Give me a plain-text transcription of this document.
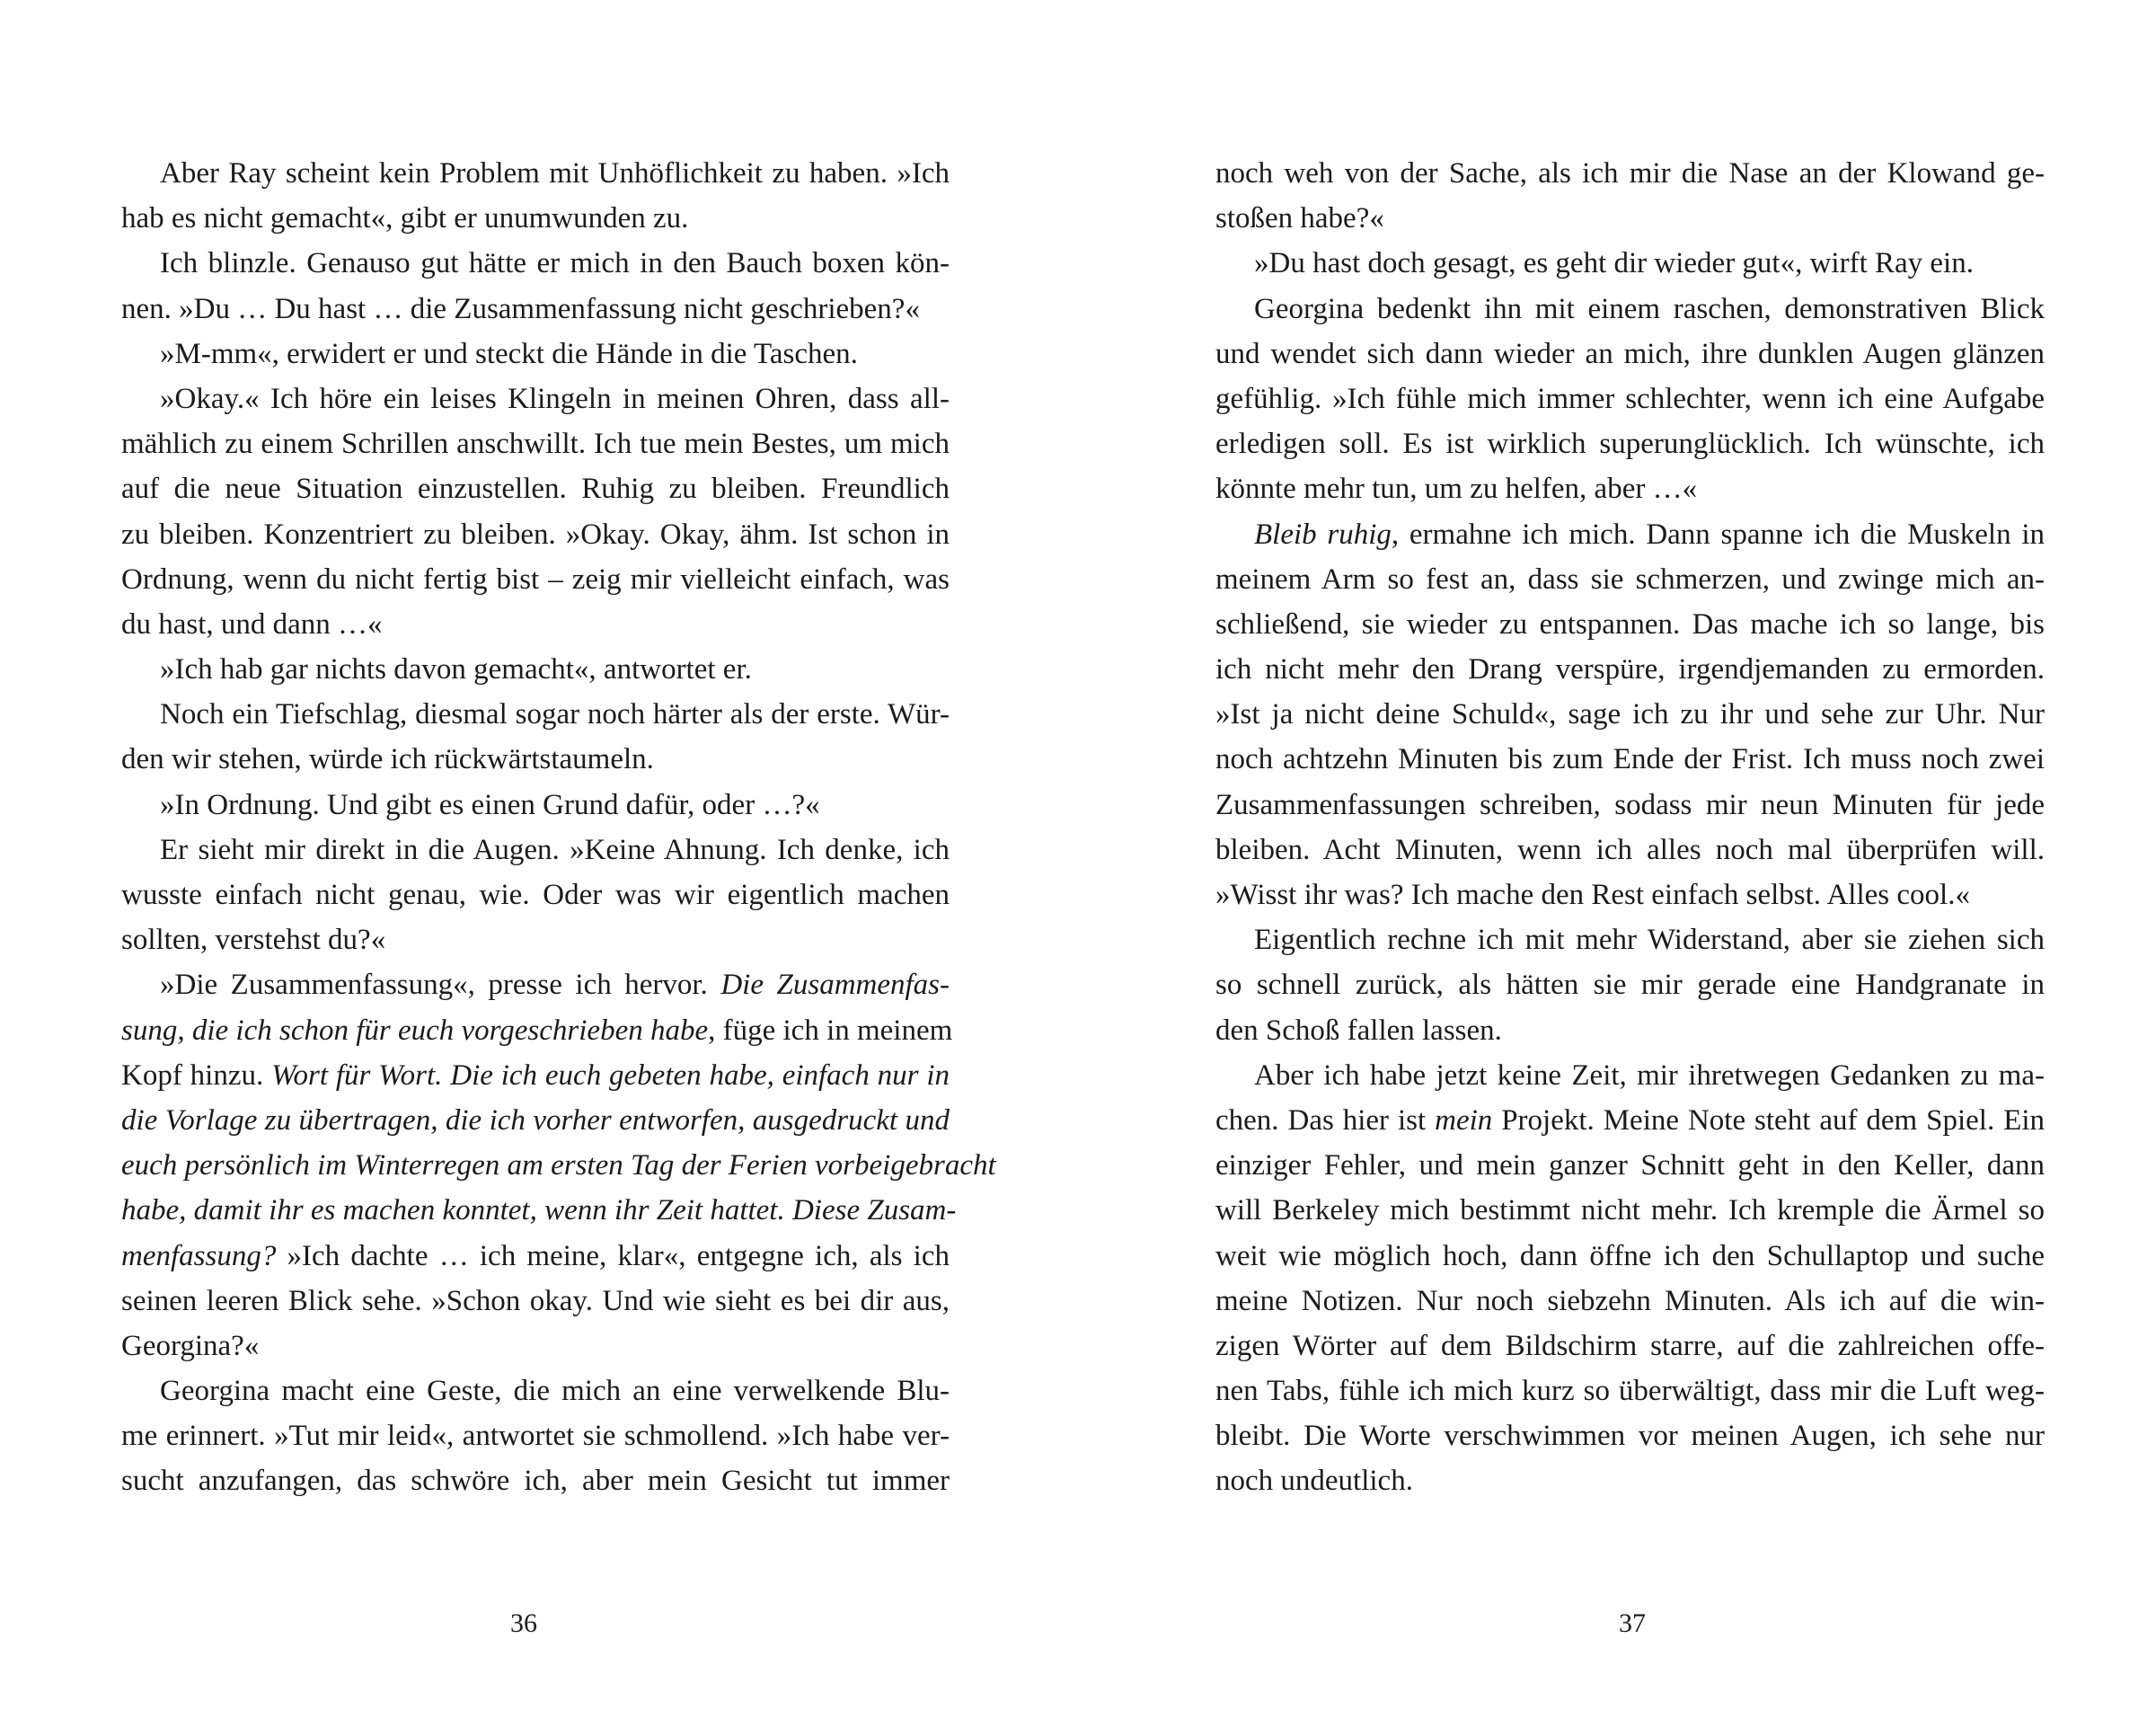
Aber Ray scheint kein Problem mit Unhöflichkeit zu haben. »Ich
hab es nicht gemacht«, gibt er unumwunden zu.
Ich blinzle. Genauso gut hätte er mich in den Bauch boxen kön-
nen. »Du … Du hast … die Zusammenfassung nicht geschrieben?«
»M-mm«, erwidert er und steckt die Hände in die Taschen.
»Okay.« Ich höre ein leises Klingeln in meinen Ohren, dass all-
mählich zu einem Schrillen anschwillt. Ich tue mein Bestes, um mich
auf die neue Situation einzustellen. Ruhig zu bleiben. Freundlich
zu bleiben. Konzentriert zu bleiben. »Okay. Okay, ähm. Ist schon in
Ordnung, wenn du nicht fertig bist – zeig mir vielleicht einfach, was
du hast, und dann …«
»Ich hab gar nichts davon gemacht«, antwortet er.
Noch ein Tiefschlag, diesmal sogar noch härter als der erste. Wür-
den wir stehen, würde ich rückwärtstaumeln.
»In Ordnung. Und gibt es einen Grund dafür, oder …?«
Er sieht mir direkt in die Augen. »Keine Ahnung. Ich denke, ich
wusste einfach nicht genau, wie. Oder was wir eigentlich machen
sollten, verstehst du?«
»Die Zusammenfassung«, presse ich hervor. Die Zusammenfas-
sung, die ich schon für euch vorgeschrieben habe, füge ich in meinem
Kopf hinzu. Wort für Wort. Die ich euch gebeten habe, einfach nur in
die Vorlage zu übertragen, die ich vorher entworfen, ausgedruckt und
euch persönlich im Winterregen am ersten Tag der Ferien vorbeigebracht
habe, damit ihr es machen konntet, wenn ihr Zeit hattet. Diese Zusam-
menfassung? »Ich dachte … ich meine, klar«, entgegne ich, als ich
seinen leeren Blick sehe. »Schon okay. Und wie sieht es bei dir aus,
Georgina?«
Georgina macht eine Geste, die mich an eine verwelkende Blu-
me erinnert. »Tut mir leid«, antwortet sie schmollend. »Ich habe ver-
sucht anzufangen, das schwöre ich, aber mein Gesicht tut immer
36
noch weh von der Sache, als ich mir die Nase an der Klowand ge-
stoßen habe?«
»Du hast doch gesagt, es geht dir wieder gut«, wirft Ray ein.
Georgina bedenkt ihn mit einem raschen, demonstrativen Blick
und wendet sich dann wieder an mich, ihre dunklen Augen glänzen
gefühlig. »Ich fühle mich immer schlechter, wenn ich eine Aufgabe
erledigen soll. Es ist wirklich superunglücklich. Ich wünschte, ich
könnte mehr tun, um zu helfen, aber …«
Bleib ruhig, ermahne ich mich. Dann spanne ich die Muskeln in
meinem Arm so fest an, dass sie schmerzen, und zwinge mich an-
schließend, sie wieder zu entspannen. Das mache ich so lange, bis
ich nicht mehr den Drang verspüre, irgendjemanden zu ermorden.
»Ist ja nicht deine Schuld«, sage ich zu ihr und sehe zur Uhr. Nur
noch achtzehn Minuten bis zum Ende der Frist. Ich muss noch zwei
Zusammenfassungen schreiben, sodass mir neun Minuten für jede
bleiben. Acht Minuten, wenn ich alles noch mal überprüfen will.
»Wisst ihr was? Ich mache den Rest einfach selbst. Alles cool.«
Eigentlich rechne ich mit mehr Widerstand, aber sie ziehen sich
so schnell zurück, als hätten sie mir gerade eine Handgranate in
den Schoß fallen lassen.
Aber ich habe jetzt keine Zeit, mir ihretwegen Gedanken zu ma-
chen. Das hier ist mein Projekt. Meine Note steht auf dem Spiel. Ein
einziger Fehler, und mein ganzer Schnitt geht in den Keller, dann
will Berkeley mich bestimmt nicht mehr. Ich kremple die Ärmel so
weit wie möglich hoch, dann öffne ich den Schullaptop und suche
meine Notizen. Nur noch siebzehn Minuten. Als ich auf die win-
zigen Wörter auf dem Bildschirm starre, auf die zahlreichen offe-
nen Tabs, fühle ich mich kurz so überwältigt, dass mir die Luft weg-
bleibt. Die Worte verschwimmen vor meinen Augen, ich sehe nur
noch undeutlich.
37
